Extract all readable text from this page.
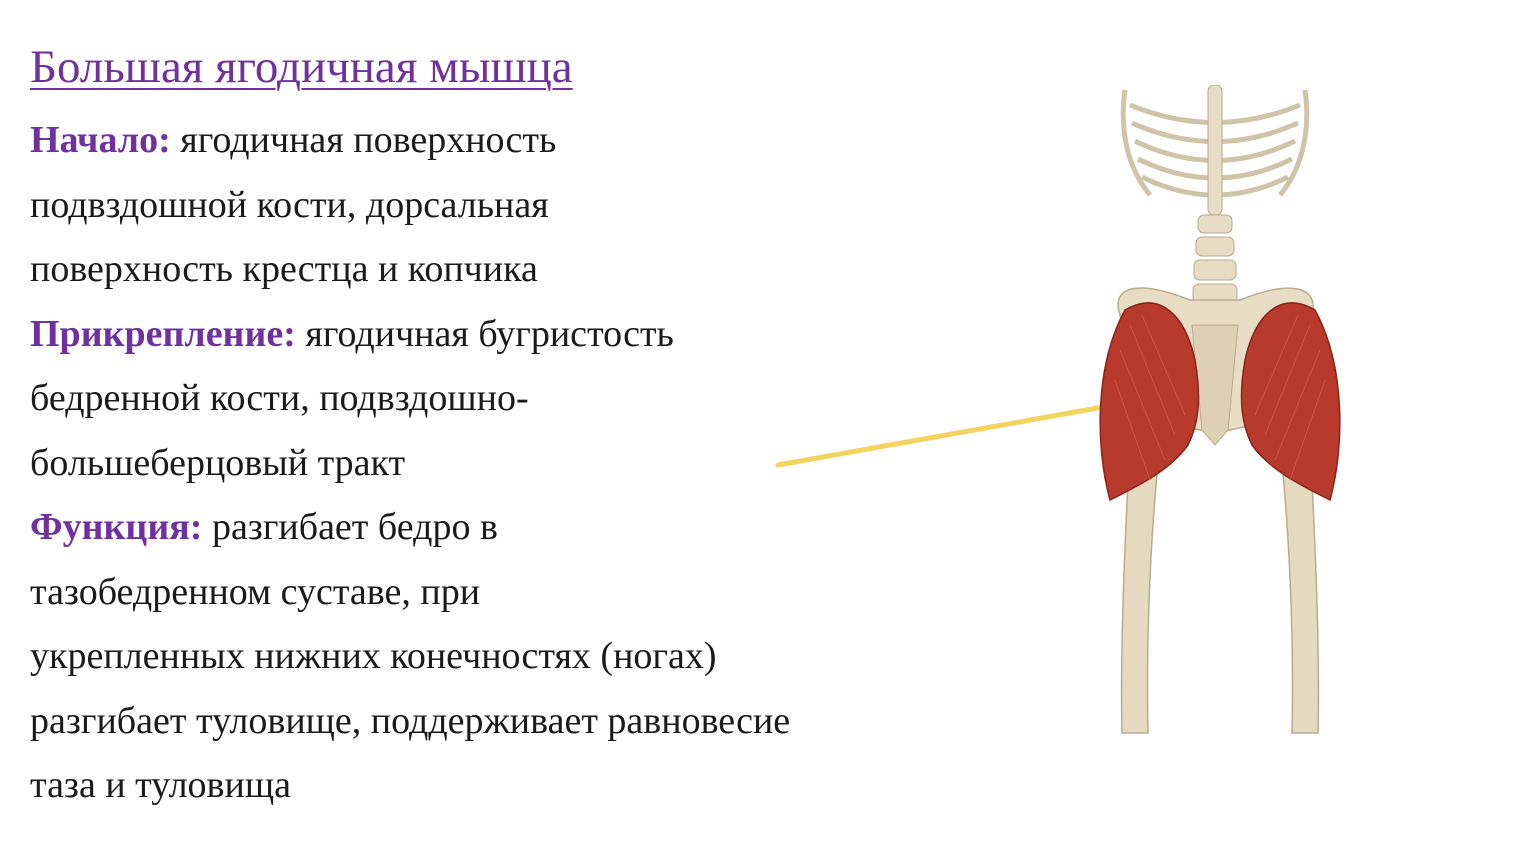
Большая ягодичная мышца
Начало: ягодичная поверхность
подвздошной кости, дорсальная
поверхность крестца и копчика
Прикрепление: ягодичная бугристость
бедренной кости, подвздошно-
большеберцовый тракт
Функция: разгибает бедро в
тазобедренном суставе, при
укрепленных нижних конечностях (ногах)
разгибает туловище, поддерживает равновесие
таза и туловища
